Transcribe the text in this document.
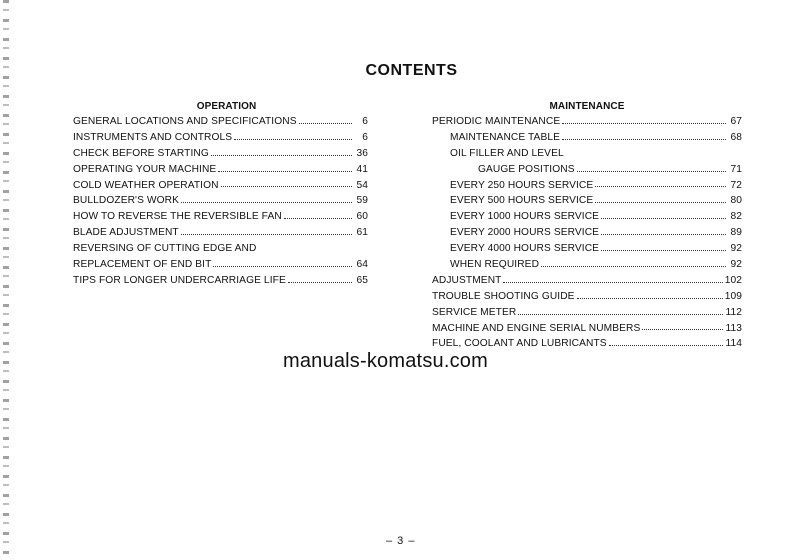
CONTENTS
OPERATION
GENERAL LOCATIONS AND SPECIFICATIONS	6
INSTRUMENTS AND CONTROLS	6
CHECK BEFORE STARTING	36
OPERATING YOUR MACHINE	41
COLD WEATHER OPERATION	54
BULLDOZER'S WORK	59
HOW TO REVERSE THE REVERSIBLE FAN	60
BLADE ADJUSTMENT	61
REVERSING OF CUTTING EDGE AND
REPLACEMENT OF END BIT	64
TIPS FOR LONGER UNDERCARRIAGE LIFE	65
MAINTENANCE
PERIODIC MAINTENANCE	67
MAINTENANCE TABLE	68
OIL FILLER AND LEVEL
GAUGE POSITIONS	71
EVERY 250 HOURS SERVICE	72
EVERY 500 HOURS SERVICE	80
EVERY 1000 HOURS SERVICE	82
EVERY 2000 HOURS SERVICE	89
EVERY 4000 HOURS SERVICE	92
WHEN REQUIRED	92
ADJUSTMENT	102
TROUBLE SHOOTING GUIDE	109
SERVICE METER	112
MACHINE AND ENGINE SERIAL NUMBERS	113
FUEL, COOLANT AND LUBRICANTS	114
manuals-komatsu.com
– 3 –
